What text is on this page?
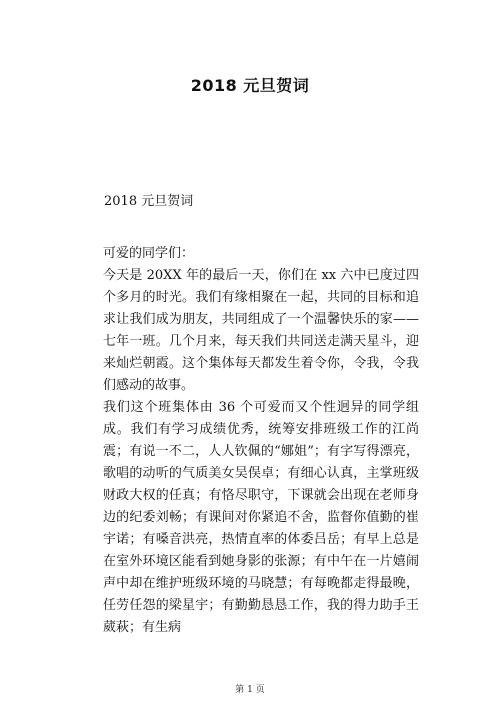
2018 元旦贺词
2018 元旦贺词

可爱的同学们：

今天是 20XX 年的最后一天，你们在 xx 六中已度过四个多月的时光。我们有缘相聚在一起，共同的目标和追求让我们成为朋友，共同组成了一个温馨快乐的家——七年一班。几个月来，每天我们共同送走满天星斗，迎来灿烂朝霞。这个集体每天都发生着令你，令我，令我们感动的故事。

我们这个班集体由 36 个可爱而又个性迥异的同学组成。我们有学习成绩优秀，统筹安排班级工作的江尚震；有说一不二，人人钦佩的“娜姐”；有字写得漂亮，歌唱的动听的气质美女吴俣卓；有细心认真，主掌班级财政大权的任真；有恪尽职守，下课就会出现在老师身边的纪委刘畅；有课间对你紧追不舍，监督你值勤的崔宇诺；有嗓音洪亮，热情直率的体委吕岳；有早上总是在室外环境区能看到她身影的张源；有中午在一片嬉闹声中却在维护班级环境的马晓慧；有每晚都走得最晚，任劳任怨的梁星宇；有勤勤恳恳工作，我的得力助手王葳萩；有生病

第 1 页
